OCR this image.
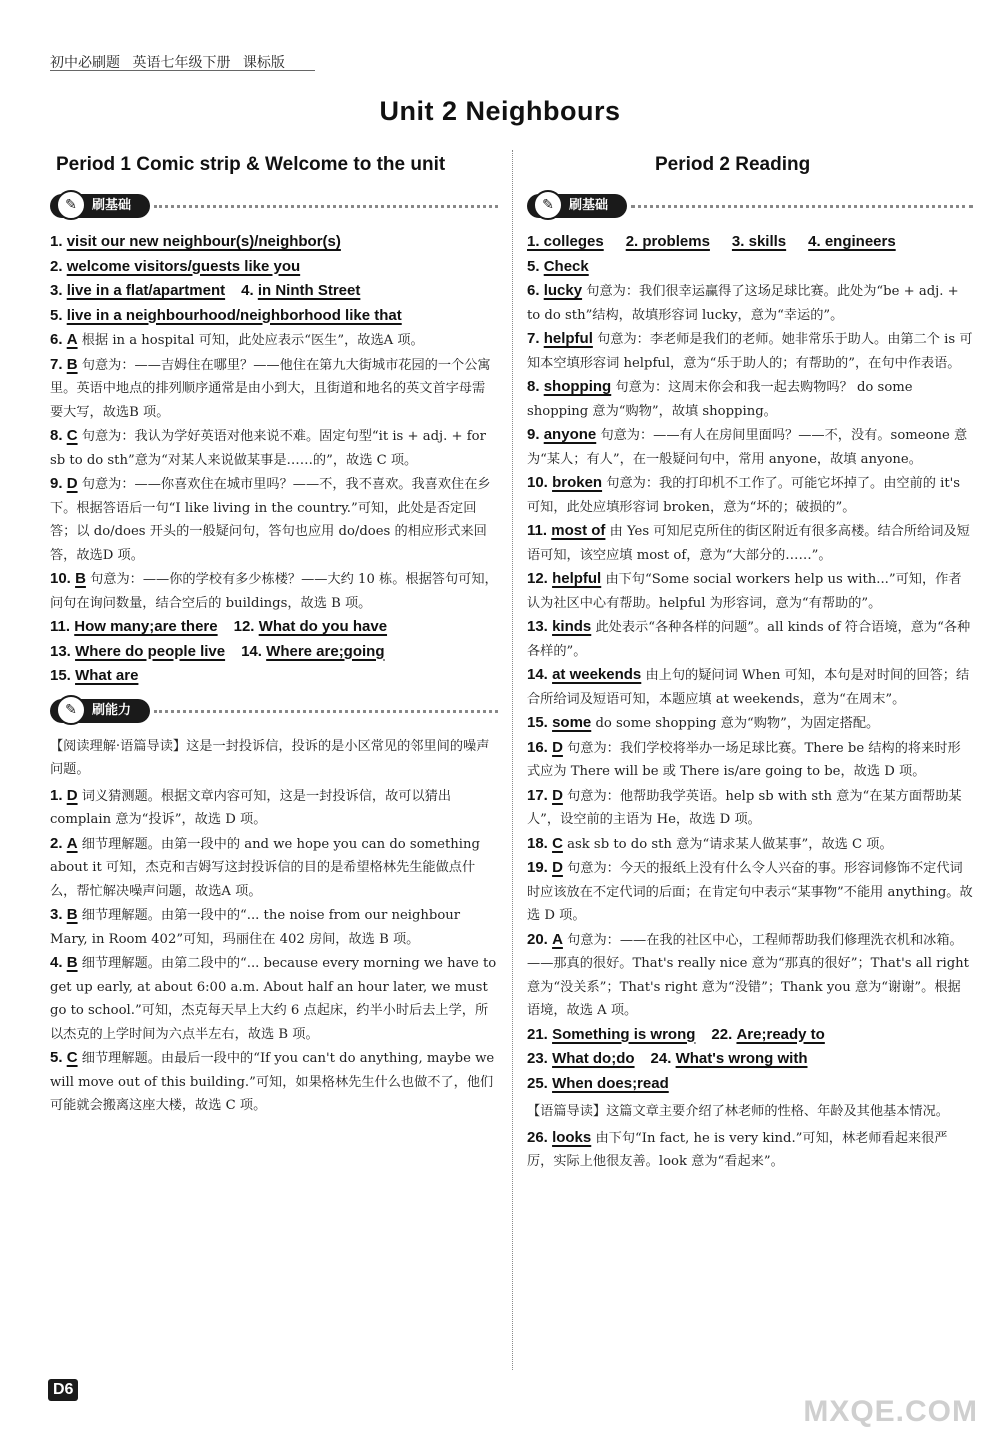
初中必刷题 英语七年级下册 课标版
Unit 2 Neighbours
Period 1 Comic strip & Welcome to the unit
✎	刷基础

1. visit our new neighbour(s)/neighbor(s)

2. welcome visitors/guests like you

3. live in a flat/apartment 4. in Ninth Street

5. live in a neighbourhood/neighborhood like that

6. A 根据 in a hospital 可知，此处应表示“医生”，故选A 项。

7. B 句意为：——吉姆住在哪里？——他住在第九大街城市花园的一个公寓里。英语中地点的排列顺序通常是由小到大，且街道和地名的英文首字母需要大写，故选B 项。

8. C 句意为：我认为学好英语对他来说不难。固定句型“it is + adj. + for sb to do sth”意为“对某人来说做某事是……的”，故选 C 项。

9. D 句意为：——你喜欢住在城市里吗？——不，我不喜欢。我喜欢住在乡下。根据答语后一句“I like living in the country.”可知，此处是否定回答；以 do/does 开头的一般疑问句，答句也应用 do/does 的相应形式来回答，故选D 项。

10. B 句意为：——你的学校有多少栋楼？——大约 10 栋。根据答句可知，问句在询问数量，结合空后的 buildings，故选 B 项。

11. How many;are there 12. What do you have

13. Where do people live 14. Where are;going

15. What are

✎	刷能力

【阅读理解·语篇导读】这是一封投诉信，投诉的是小区常见的邻里间的噪声问题。

1. D 词义猜测题。根据文章内容可知，这是一封投诉信，故可以猜出 complain 意为“投诉”，故选 D 项。

2. A 细节理解题。由第一段中的 and we hope you can do something about it 可知，杰克和吉姆写这封投诉信的目的是希望格林先生能做点什么，帮忙解决噪声问题，故选A 项。

3. B 细节理解题。由第一段中的“... the noise from our neighbour Mary, in Room 402”可知，玛丽住在 402 房间，故选 B 项。

4. B 细节理解题。由第二段中的“... because every morning we have to get up early, at about 6:00 a.m. About half an hour later, we must go to school.”可知，杰克每天早上大约 6 点起床，约半小时后去上学，所以杰克的上学时间为六点半左右，故选 B 项。

5. C 细节理解题。由最后一段中的“If you can't do anything, maybe we will move out of this building.”可知，如果格林先生什么也做不了，他们可能就会搬离这座大楼，故选 C 项。

Period 2 Reading
✎	刷基础
1. colleges 2. problems 3. skills 4. engineers

5. Check

6. lucky 句意为：我们很幸运赢得了这场足球比赛。此处为“be + adj. + to do sth”结构，故填形容词 lucky，意为“幸运的”。

7. helpful 句意为：李老师是我们的老师。她非常乐于助人。由第二个 is 可知本空填形容词 helpful，意为“乐于助人的；有帮助的”，在句中作表语。

8. shopping 句意为：这周末你会和我一起去购物吗？ do some shopping 意为“购物”，故填 shopping。

9. anyone 句意为：——有人在房间里面吗？——不，没有。someone 意为“某人；有人”，在一般疑问句中，常用 anyone，故填 anyone。

10. broken 句意为：我的打印机不工作了。可能它坏掉了。由空前的 it's 可知，此处应填形容词 broken，意为“坏的；破损的”。

11. most of 由 Yes 可知尼克所住的街区附近有很多高楼。结合所给词及短语可知，该空应填 most of，意为“大部分的……”。

12. helpful 由下句“Some social workers help us with...”可知，作者认为社区中心有帮助。helpful 为形容词，意为“有帮助的”。

13. kinds 此处表示“各种各样的问题”。all kinds of 符合语境，意为“各种各样的”。

14. at weekends 由上句的疑问词 When 可知，本句是对时间的回答；结合所给词及短语可知，本题应填 at weekends，意为“在周末”。

15. some do some shopping 意为“购物”，为固定搭配。

16. D 句意为：我们学校将举办一场足球比赛。There be 结构的将来时形式应为 There will be 或 There is/are going to be，故选 D 项。

17. D 句意为：他帮助我学英语。help sb with sth 意为“在某方面帮助某人”，设空前的主语为 He，故选 D 项。

18. C ask sb to do sth 意为“请求某人做某事”，故选 C 项。

19. D 句意为：今天的报纸上没有什么令人兴奋的事。形容词修饰不定代词时应该放在不定代词的后面；在肯定句中表示“某事物”不能用 anything。故选 D 项。

20. A 句意为：——在我的社区中心，工程师帮助我们修理洗衣机和冰箱。——那真的很好。That's really nice 意为“那真的很好”；That's all right 意为“没关系”；That's right 意为“没错”；Thank you 意为“谢谢”。根据语境，故选 A 项。

21. Something is wrong 22. Are;ready to

23. What do;do 24. What's wrong with

25. When does;read

【语篇导读】这篇文章主要介绍了林老师的性格、年龄及其他基本情况。

26. looks 由下句“In fact, he is very kind.”可知，林老师看起来很严厉，实际上他很友善。look 意为“看起来”。

D6
MXQE.COM
